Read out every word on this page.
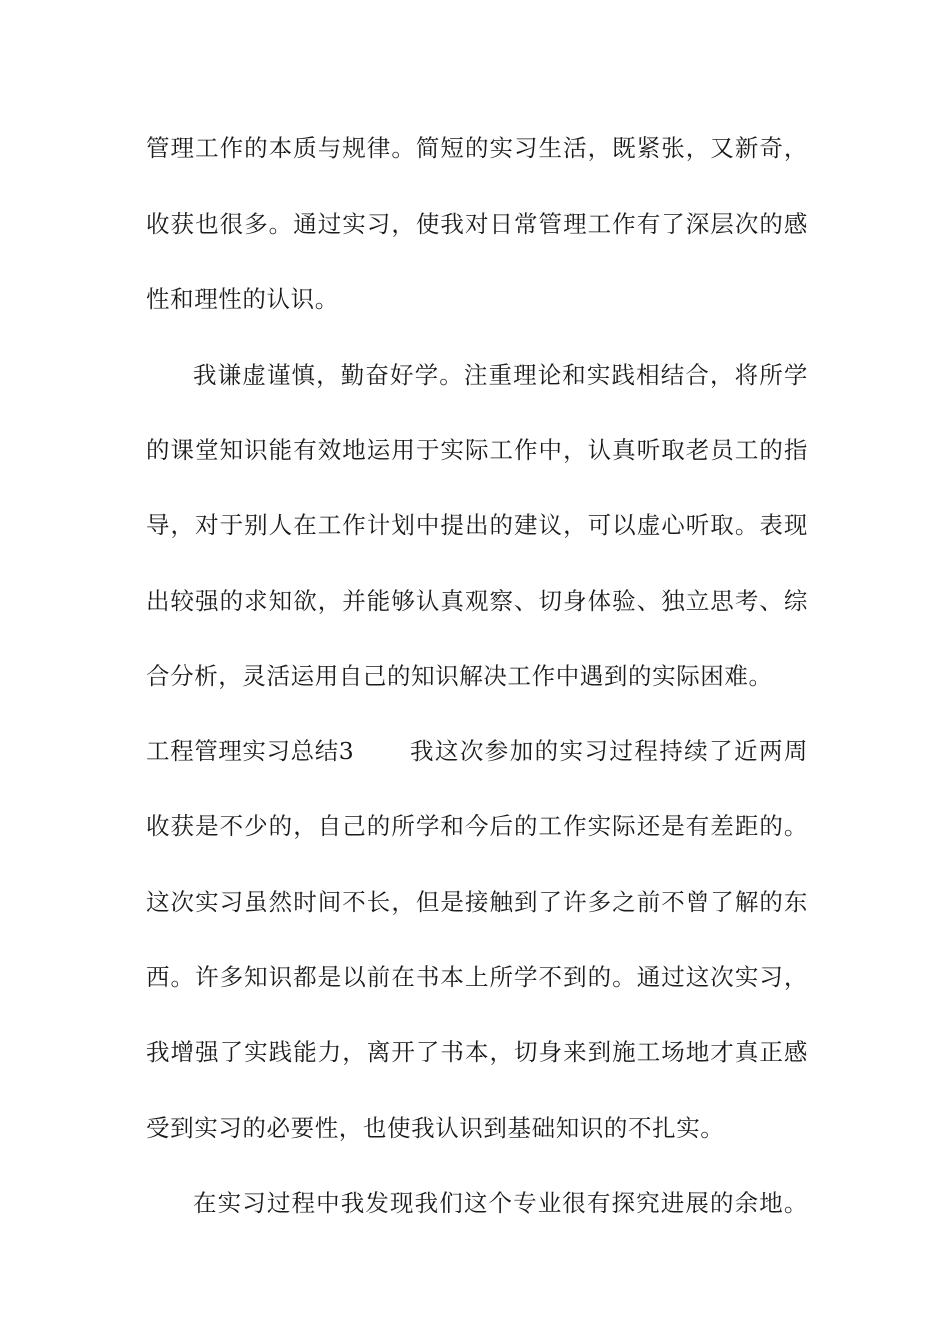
管理工作的本质与规律。简短的实习生活，既紧张，又新奇，
收获也很多。通过实习，使我对日常管理工作有了深层次的感
性和理性的认识。
我谦虚谨慎，勤奋好学。注重理论和实践相结合，将所学
的课堂知识能有效地运用于实际工作中，认真听取老员工的指
导，对于别人在工作计划中提出的建议，可以虚心听取。表现
出较强的求知欲，并能够认真观察、切身体验、独立思考、综
合分析，灵活运用自己的知识解决工作中遇到的实际困难。
工程管理实习总结3 我这次参加的实习过程持续了近两周
收获是不少的，自己的所学和今后的工作实际还是有差距的。
这次实习虽然时间不长，但是接触到了许多之前不曾了解的东
西。许多知识都是以前在书本上所学不到的。通过这次实习，
我增强了实践能力，离开了书本，切身来到施工场地才真正感
受到实习的必要性，也使我认识到基础知识的不扎实。
在实习过程中我发现我们这个专业很有探究进展的余地。
